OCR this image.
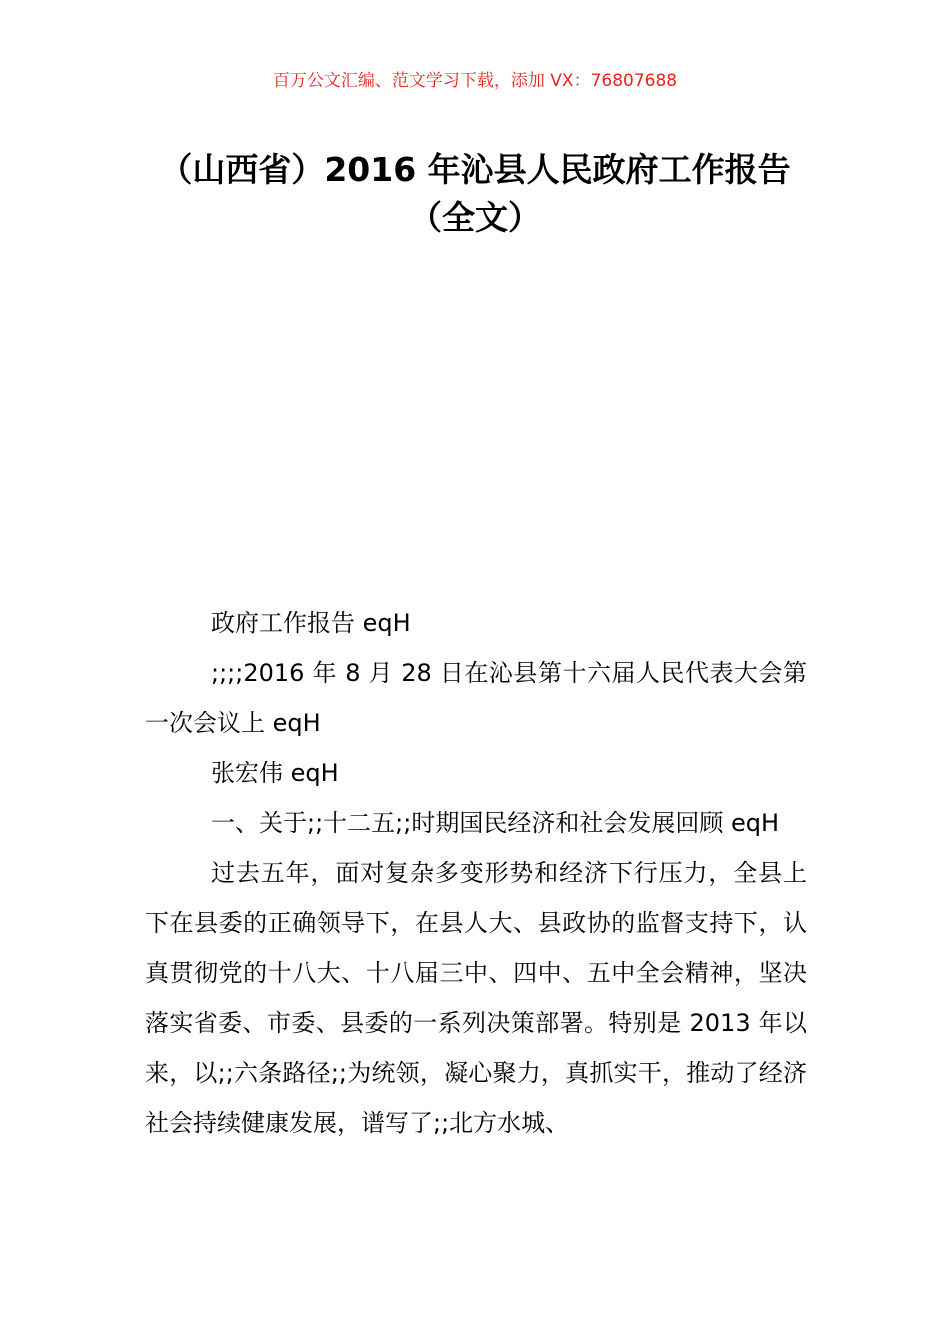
百万公文汇编、范文学习下载，添加 VX：76807688
（山西省）2016 年沁县人民政府工作报告
（全文）

政府工作报告 eqH

;;;;2016 年 8 月 28 日在沁县第十六届人民代表大会第一次会议上 eqH

张宏伟 eqH

一、关于;;十二五;;时期国民经济和社会发展回顾 eqH

过去五年，面对复杂多变形势和经济下行压力，全县上下在县委的正确领导下，在县人大、县政协的监督支持下，认真贯彻党的十八大、十八届三中、四中、五中全会精神，坚决落实省委、市委、县委的一系列决策部署。特别是 2013 年以来，以;;六条路径;;为统领，凝心聚力，真抓实干，推动了经济社会持续健康发展，谱写了;;北方水城、
